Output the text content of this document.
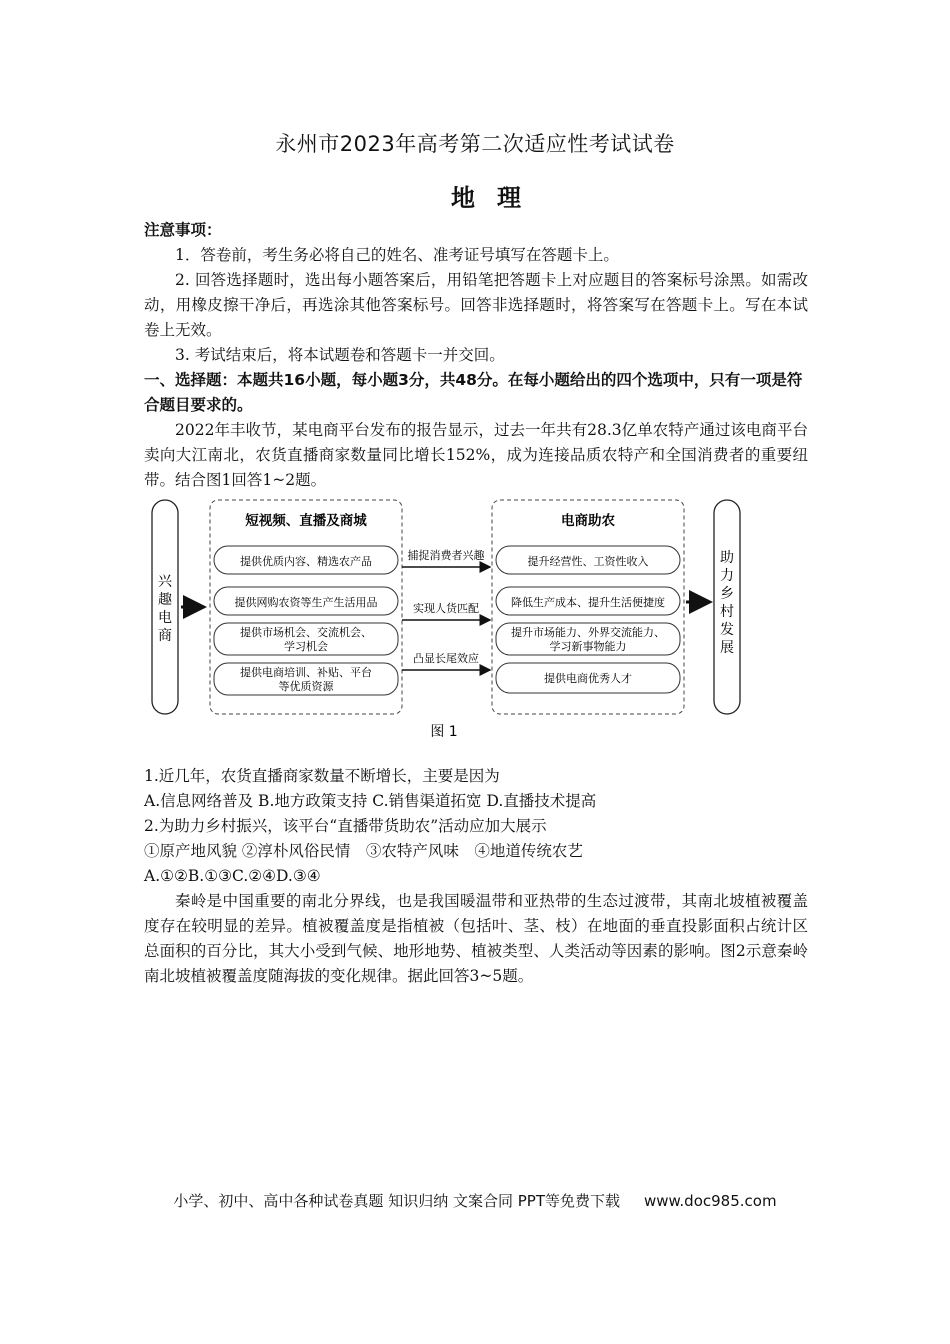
永州市2023年高考第二次适应性考试试卷
地理
注意事项：

1．答卷前，考生务必将自己的姓名、准考证号填写在答题卡上。

2. 回答选择题时，选出每小题答案后，用铅笔把答题卡上对应题目的答案标号涂黑。如需改动，用橡皮擦干净后，再选涂其他答案标号。回答非选择题时，将答案写在答题卡上。写在本试卷上无效。

3. 考试结束后，将本试题卷和答题卡一并交回。

一、选择题：本题共16小题，每小题3分，共48分。在每小题给出的四个选项中，只有一项是符合题目要求的。

2022年丰收节，某电商平台发布的报告显示，过去一年共有28.3亿单农特产通过该电商平台卖向大江南北，农货直播商家数量同比增长152%，成为连接品质农特产和全国消费者的重要纽带。结合图1回答1~2题。

兴趣电商
短视频、直播及商城
提供优质内容、精选农产品
提供网购农资等生产生活用品
提供市场机会、交流机会、
学习机会
提供电商培训、补贴、平台
等优质资源
捕捉消费者兴趣
实现人货匹配
凸显长尾效应
电商助农
提升经营性、工资性收入
降低生产成本、提升生活便捷度
提升市场能力、外界交流能力、
学习新事物能力
提供电商优秀人才
助力乡村发展
图 1

1.近几年，农货直播商家数量不断增长，主要是因为

A.信息网络普及 B.地方政策支持 C.销售渠道拓宽 D.直播技术提高

2.为助力乡村振兴，该平台“直播带货助农”活动应加大展示

①原产地风貌 ②淳朴风俗民情　③农特产风味　④地道传统农艺

A.①②B.①③C.②④D.③④

秦岭是中国重要的南北分界线，也是我国暖温带和亚热带的生态过渡带，其南北坡植被覆盖度存在较明显的差异。植被覆盖度是指植被（包括叶、茎、枝）在地面的垂直投影面积占统计区总面积的百分比，其大小受到气候、地形地势、植被类型、人类活动等因素的影响。图2示意秦岭南北坡植被覆盖度随海拔的变化规律。据此回答3~5题。

小学、初中、高中各种试卷真题 知识归纳 文案合同 PPT等免费下载 www.doc985.com
